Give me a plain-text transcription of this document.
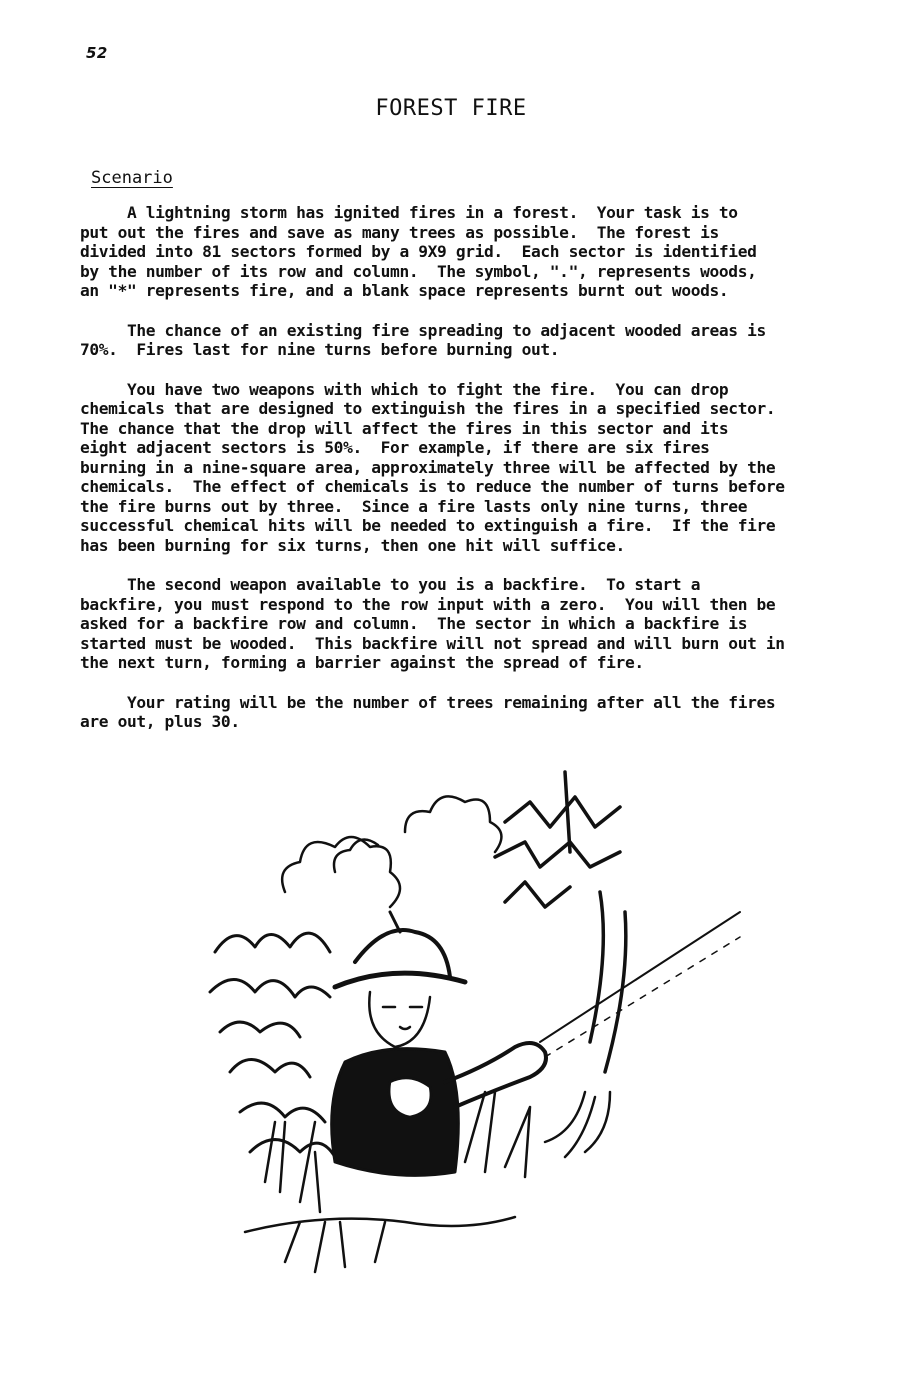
52
FOREST FIRE
Scenario

A lightning storm has ignited fires in a forest.  Your task is to
put out the fires and save as many trees as possible.  The forest is
divided into 81 sectors formed by a 9X9 grid.  Each sector is identified
by the number of its row and column.  The symbol, ".", represents woods,
an "*" represents fire, and a blank space represents burnt out woods.

The chance of an existing fire spreading to adjacent wooded areas is
70%.  Fires last for nine turns before burning out.

You have two weapons with which to fight the fire.  You can drop
chemicals that are designed to extinguish the fires in a specified sector.
The chance that the drop will affect the fires in this sector and its
eight adjacent sectors is 50%.  For example, if there are six fires
burning in a nine-square area, approximately three will be affected by the
chemicals.  The effect of chemicals is to reduce the number of turns before
the fire burns out by three.  Since a fire lasts only nine turns, three
successful chemical hits will be needed to extinguish a fire.  If the fire
has been burning for six turns, then one hit will suffice.

The second weapon available to you is a backfire.  To start a
backfire, you must respond to the row input with a zero.  You will then be
asked for a backfire row and column.  The sector in which a backfire is
started must be wooded.  This backfire will not spread and will burn out in
the next turn, forming a barrier against the spread of fire.

Your rating will be the number of trees remaining after all the fires
are out, plus 30.
